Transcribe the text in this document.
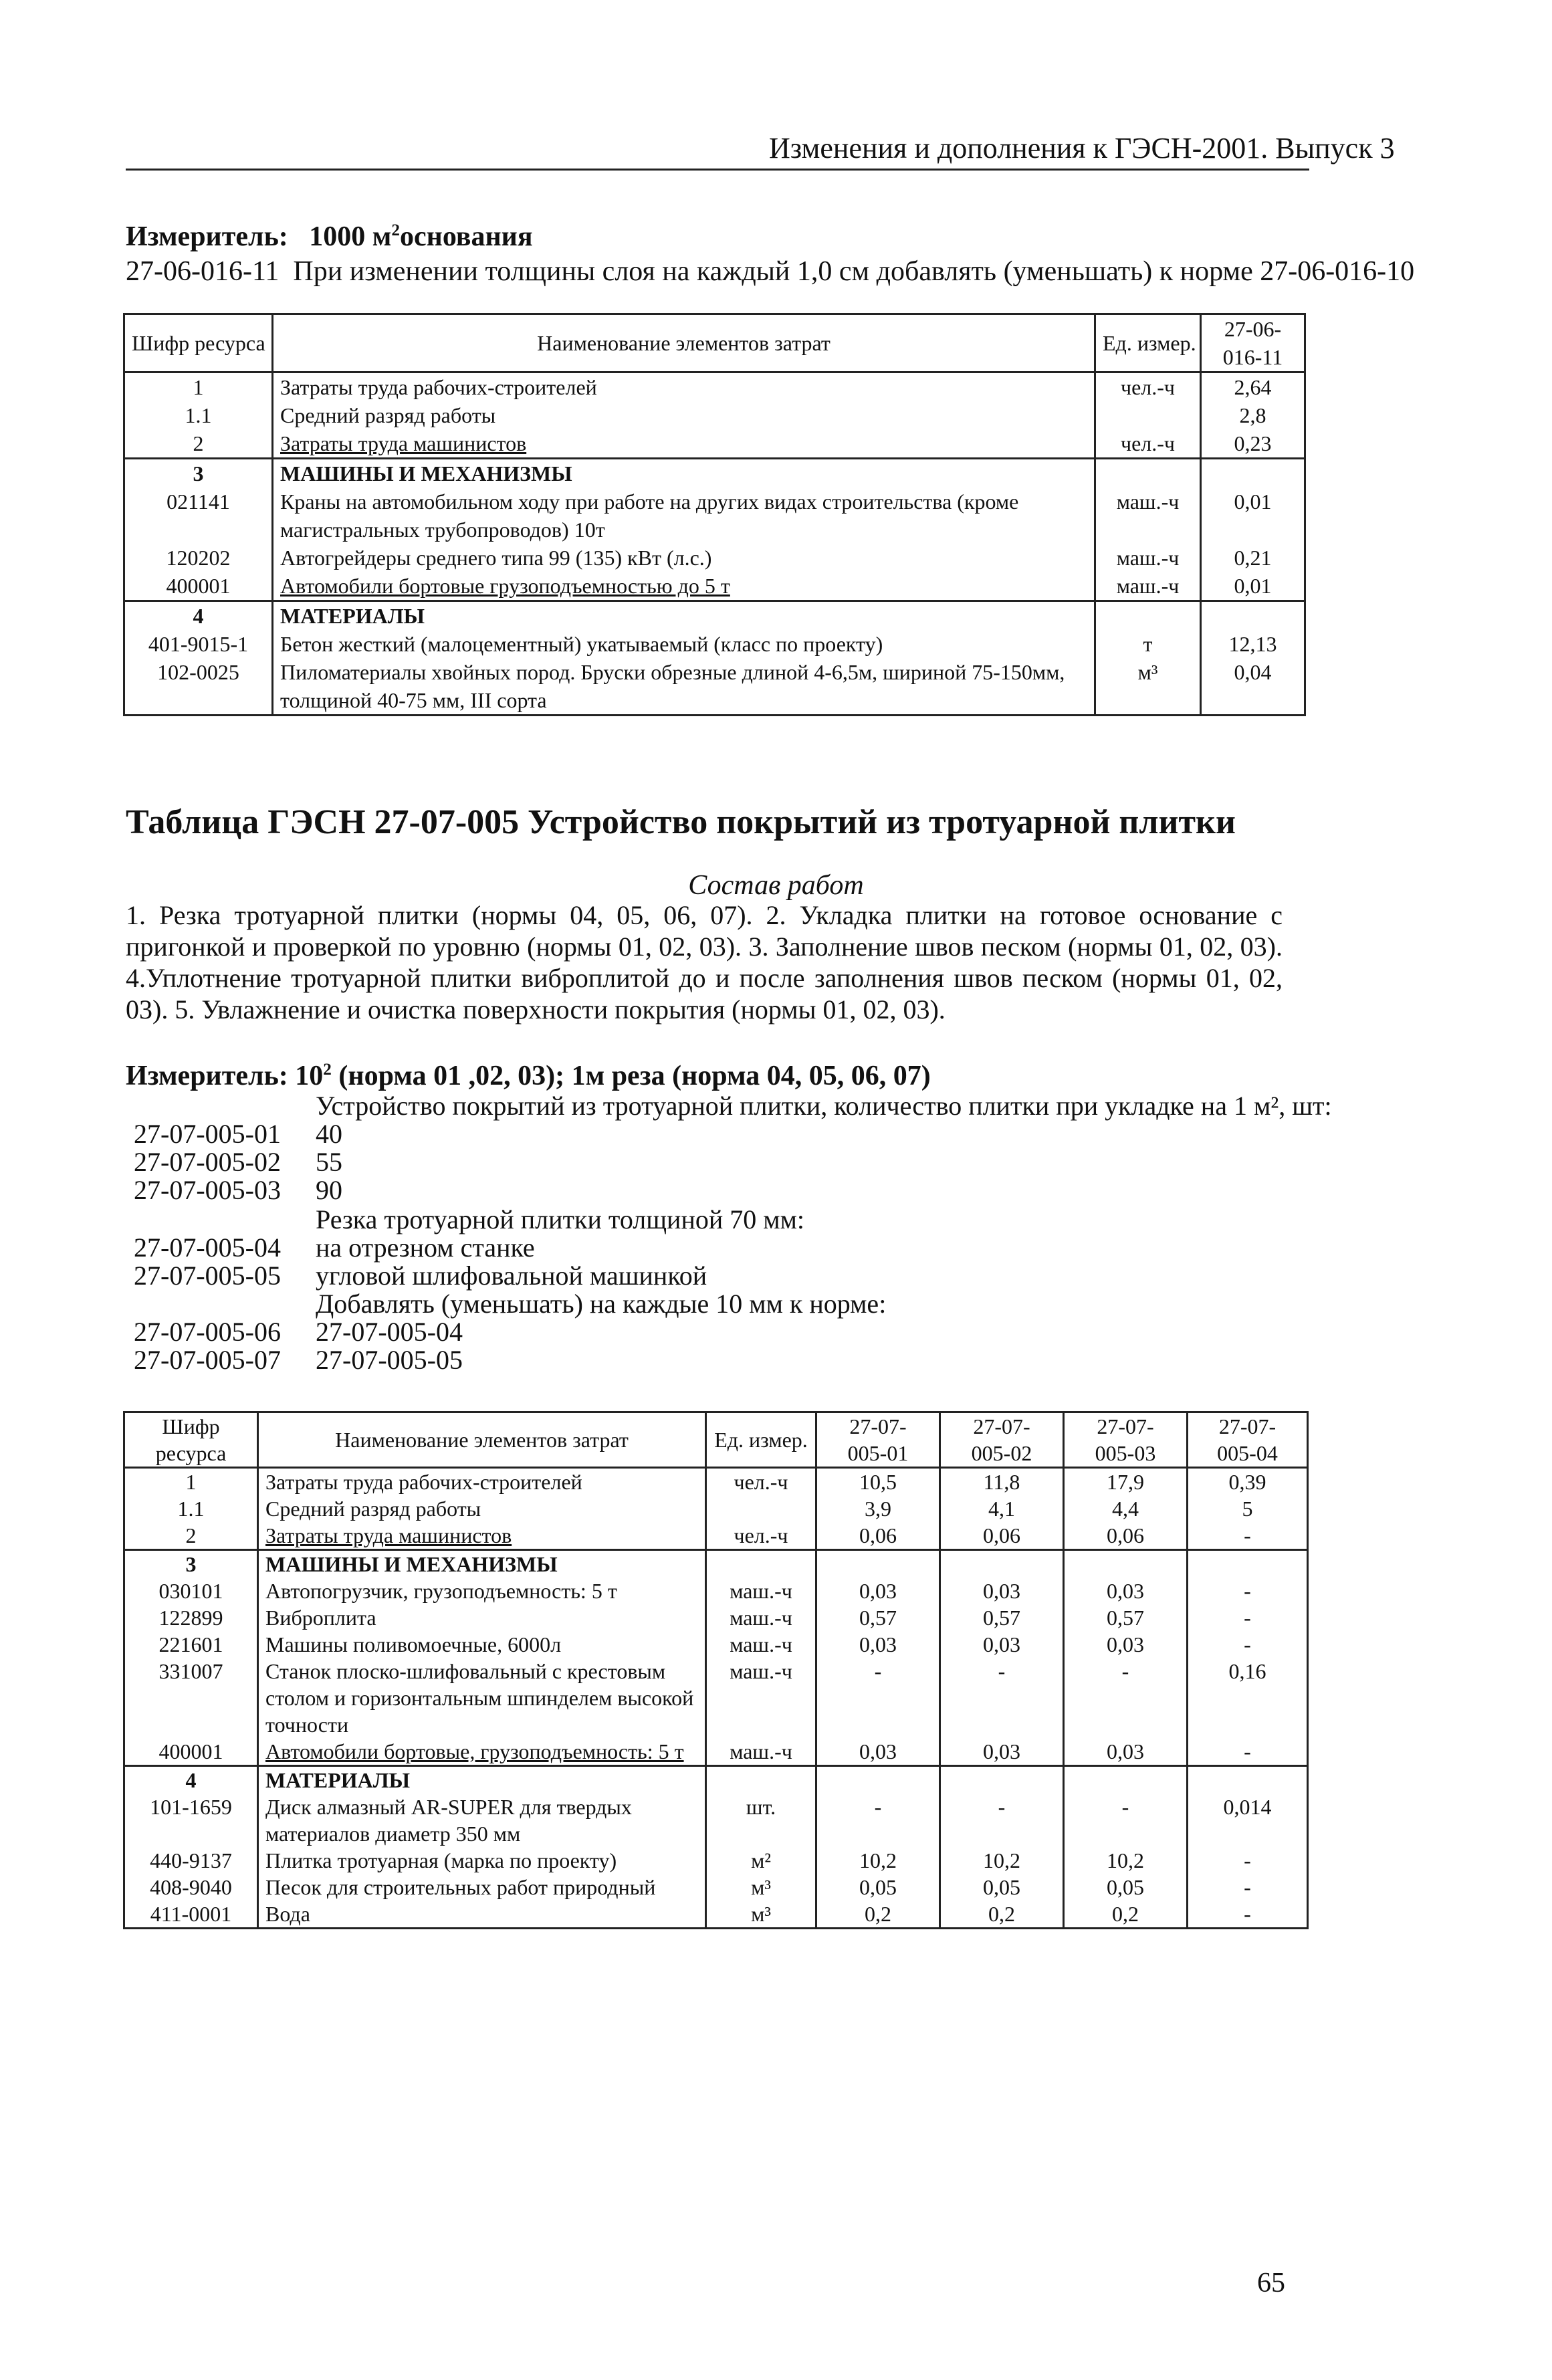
Изменения и дополнения к ГЭСН-2001. Выпуск 3
Измеритель: 1000 $м^2основания$
27-06-016-11 При изменении толщины слоя на каждый 1,0 см добавлять (уменьшать) к норме 27-06-016-10
Шифр ресурса	Наименование элементов затрат	Ед. измер.	27-06-016-11
1	Затраты труда рабочих-строителей	чел.-ч	2,64
1.1	Средний разряд работы		2,8
2	Затраты труда машинистов	чел.-ч	0,23
3	МАШИНЫ И МЕХАНИЗМЫ		
021141	Краны на автомобильном ходу при работе на других видах строительства (кроме магистральных трубопроводов) 10т	маш.-ч	0,01
120202	Автогрейдеры среднего типа 99 (135) кВт (л.с.)	маш.-ч	0,21
400001	Автомобили бортовые грузоподъемностью до 5 т	маш.-ч	0,01
4	МАТЕРИАЛЫ		
401-9015-1	Бетон жесткий (малоцементный) укатываемый (класс по проекту)	т	12,13
102-0025	Пиломатериалы хвойных пород. Бруски обрезные длиной 4-6,5м, шириной 75-150мм, толщиной 40-75 мм, III сорта	м³	0,04
Таблица ГЭСН 27-07-005 Устройство покрытий из тротуарной плитки
Состав работ
1. Резка тротуарной плитки (нормы 04, 05, 06, 07). 2. Укладка плитки на готовое основание с пригонкой и проверкой по уровню (нормы 01, 02, 03). 3. Заполнение швов песком (нормы 01, 02, 03). 4.Уплотнение тротуарной плитки виброплитой до и после заполнения швов песком (нормы 01, 02, 03). 5. Увлажнение и очистка поверхности покрытия (нормы 01, 02, 03).
Измеритель: $10^2$ (норма 01 ,02, 03); 1м реза (норма 04, 05, 06, 07)
Устройство покрытий из тротуарной плитки, количество плитки при укладке на 1 м², шт:
27-07-005-01 40
27-07-005-02 55
27-07-005-03 90
Резка тротуарной плитки толщиной 70 мм:
27-07-005-04 на отрезном станке
27-07-005-05 угловой шлифовальной машинкой
Добавлять (уменьшать) на каждые 10 мм к норме:
27-07-005-06 27-07-005-04
27-07-005-07 27-07-005-05
Шифр ресурса	Наименование элементов затрат	Ед. измер.	27-07-005-01	27-07-005-02	27-07-005-03	27-07-005-04
1	Затраты труда рабочих-строителей	чел.-ч	10,5	11,8	17,9	0,39
1.1	Средний разряд работы		3,9	4,1	4,4	5
2	Затраты труда машинистов	чел.-ч	0,06	0,06	0,06	-
3	МАШИНЫ И МЕХАНИЗМЫ					
030101	Автопогрузчик, грузоподъемность: 5 т	маш.-ч	0,03	0,03	0,03	-
122899	Виброплита	маш.-ч	0,57	0,57	0,57	-
221601	Машины поливомоечные, 6000л	маш.-ч	0,03	0,03	0,03	-
331007	Станок плоско-шлифовальный с крестовым столом и горизонтальным шпинделем высокой точности	маш.-ч	-	-	-	0,16
400001	Автомобили бортовые, грузоподъемность: 5 т	маш.-ч	0,03	0,03	0,03	-
4	МАТЕРИАЛЫ					
101-1659	Диск алмазный AR-SUPER для твердых материалов диаметр 350 мм	шт.	-	-	-	0,014
440-9137	Плитка тротуарная (марка по проекту)	м²	10,2	10,2	10,2	-
408-9040	Песок для строительных работ природный	м³	0,05	0,05	0,05	-
411-0001	Вода	м³	0,2	0,2	0,2	-
65
